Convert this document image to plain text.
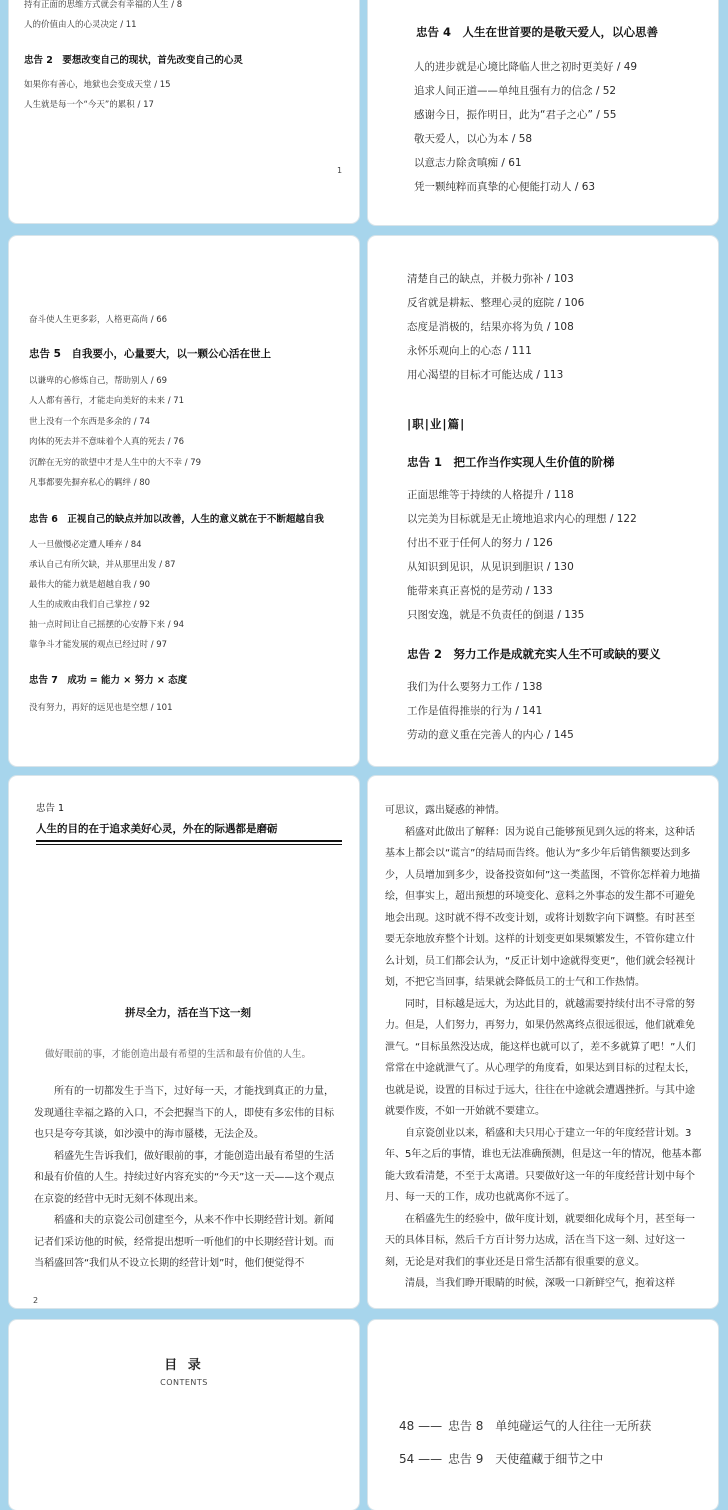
持有正面的思维方式就会有幸福的人生 / 8
人的价值由人的心灵决定 / 11
忠告 2　要想改变自己的现状，首先改变自己的心灵
如果你有善心，地狱也会变成天堂 / 15
人生就是每一个“今天”的累积 / 17
1
忠告 4　人生在世首要的是敬天爱人，以心思善
人的进步就是心境比降临人世之初时更美好 / 49
追求人间正道——单纯且强有力的信念 / 52
感谢今日，振作明日，此为“君子之心” / 55
敬天爱人，以心为本 / 58
以意志力除贪嗔痴 / 61
凭一颗纯粹而真挚的心便能打动人 / 63
奋斗使人生更多彩，人格更高尚 / 66
忠告 5　自我要小，心量要大，以一颗公心活在世上
以谦卑的心修炼自己，帮助别人 / 69
人人都有善行，才能走向美好的未来 / 71
世上没有一个东西是多余的 / 74
肉体的死去并不意味着个人真的死去 / 76
沉醉在无穷的欲望中才是人生中的大不幸 / 79
凡事都要先摒弃私心的羁绊 / 80
忠告 6　正视自己的缺点并加以改善，人生的意义就在于不断超越自我
人一旦傲慢必定遭人唾弃 / 84
承认自己有所欠缺，并从那里出发 / 87
最伟大的能力就是超越自我 / 90
人生的成败由我们自己掌控 / 92
抽一点时间让自己摇摆的心安静下来 / 94
靠争斗才能发展的观点已经过时 / 97
忠告 7　成功 = 能力 × 努力 × 态度
没有努力，再好的远见也是空想 / 101
清楚自己的缺点，并极力弥补 / 103
反省就是耕耘、整理心灵的庭院 / 106
态度是消极的，结果亦将为负 / 108
永怀乐观向上的心态 / 111
用心渴望的目标才可能达成 / 113
|职|业|篇|
忠告 1　把工作当作实现人生价值的阶梯
正面思维等于持续的人格提升 / 118
以完美为目标就是无止境地追求内心的理想 / 122
付出不亚于任何人的努力 / 126
从知识到见识，从见识到胆识 / 130
能带来真正喜悦的是劳动 / 133
只图安逸，就是不负责任的倒退 / 135
忠告 2　努力工作是成就充实人生不可或缺的要义
我们为什么要努力工作 / 138
工作是值得推崇的行为 / 141
劳动的意义重在完善人的内心 / 145
忠告 1
人生的目的在于追求美好心灵，外在的际遇都是磨砺
拼尽全力，活在当下这一刻
做好眼前的事，才能创造出最有希望的生活和最有价值的人生。

所有的一切都发生于当下，过好每一天，才能找到真正的力量，发现通往幸福之路的入口，不会把握当下的人，即使有多宏伟的目标也只是夸夸其谈，如沙漠中的海市蜃楼，无法企及。

稻盛先生告诉我们，做好眼前的事，才能创造出最有希望的生活和最有价值的人生。持续过好内容充实的“今天”这一天——这个观点在京瓷的经营中无时无刻不体现出来。

稻盛和夫的京瓷公司创建至今，从来不作中长期经营计划。新闻记者们采访他的时候，经常提出想听一听他们的中长期经营计划。而当稻盛回答“我们从不设立长期的经营计划”时，他们便觉得不

2

可思议，露出疑惑的神情。

稻盛对此做出了解释：因为说自己能够预见到久远的将来，这种话基本上都会以“谎言”的结局而告终。他认为“多少年后销售额要达到多少，人员增加到多少，设备投资如何”这一类蓝图，不管你怎样着力地描绘，但事实上，超出预想的环境变化、意料之外事态的发生都不可避免地会出现。这时就不得不改变计划，或将计划数字向下调整。有时甚至要无奈地放弃整个计划。这样的计划变更如果频繁发生，不管你建立什么计划，员工们都会认为，“反正计划中途就得变更”，他们就会轻视计划，不把它当回事，结果就会降低员工的士气和工作热情。

同时，目标越是远大，为达此目的，就越需要持续付出不寻常的努力。但是，人们努力，再努力，如果仍然离终点很远很远，他们就难免泄气。“目标虽然没达成，能这样也就可以了，差不多就算了吧！”人们常常在中途就泄气了。从心理学的角度看，如果达到目标的过程太长，也就是说，设置的目标过于远大，往往在中途就会遭遇挫折。与其中途就要作废，不如一开始就不要建立。

自京瓷创业以来，稻盛和夫只用心于建立一年的年度经营计划。3年、5年之后的事情，谁也无法准确预测，但是这一年的情况，他基本都能大致看清楚，不至于太离谱。只要做好这一年的年度经营计划中每个月、每一天的工作，成功也就离你不远了。

在稻盛先生的经验中，做年度计划，就要细化成每个月，甚至每一天的具体目标，然后千方百计努力达成，活在当下这一刻、过好这一刻，无论是对我们的事业还是日常生活都有很重要的意义。

清晨，当我们睁开眼睛的时候，深吸一口新鲜空气，抱着这样

目 录
CONTENTS
48 —— 忠告 8 单纯碰运气的人往往一无所获
54 —— 忠告 9 天使蕴藏于细节之中
